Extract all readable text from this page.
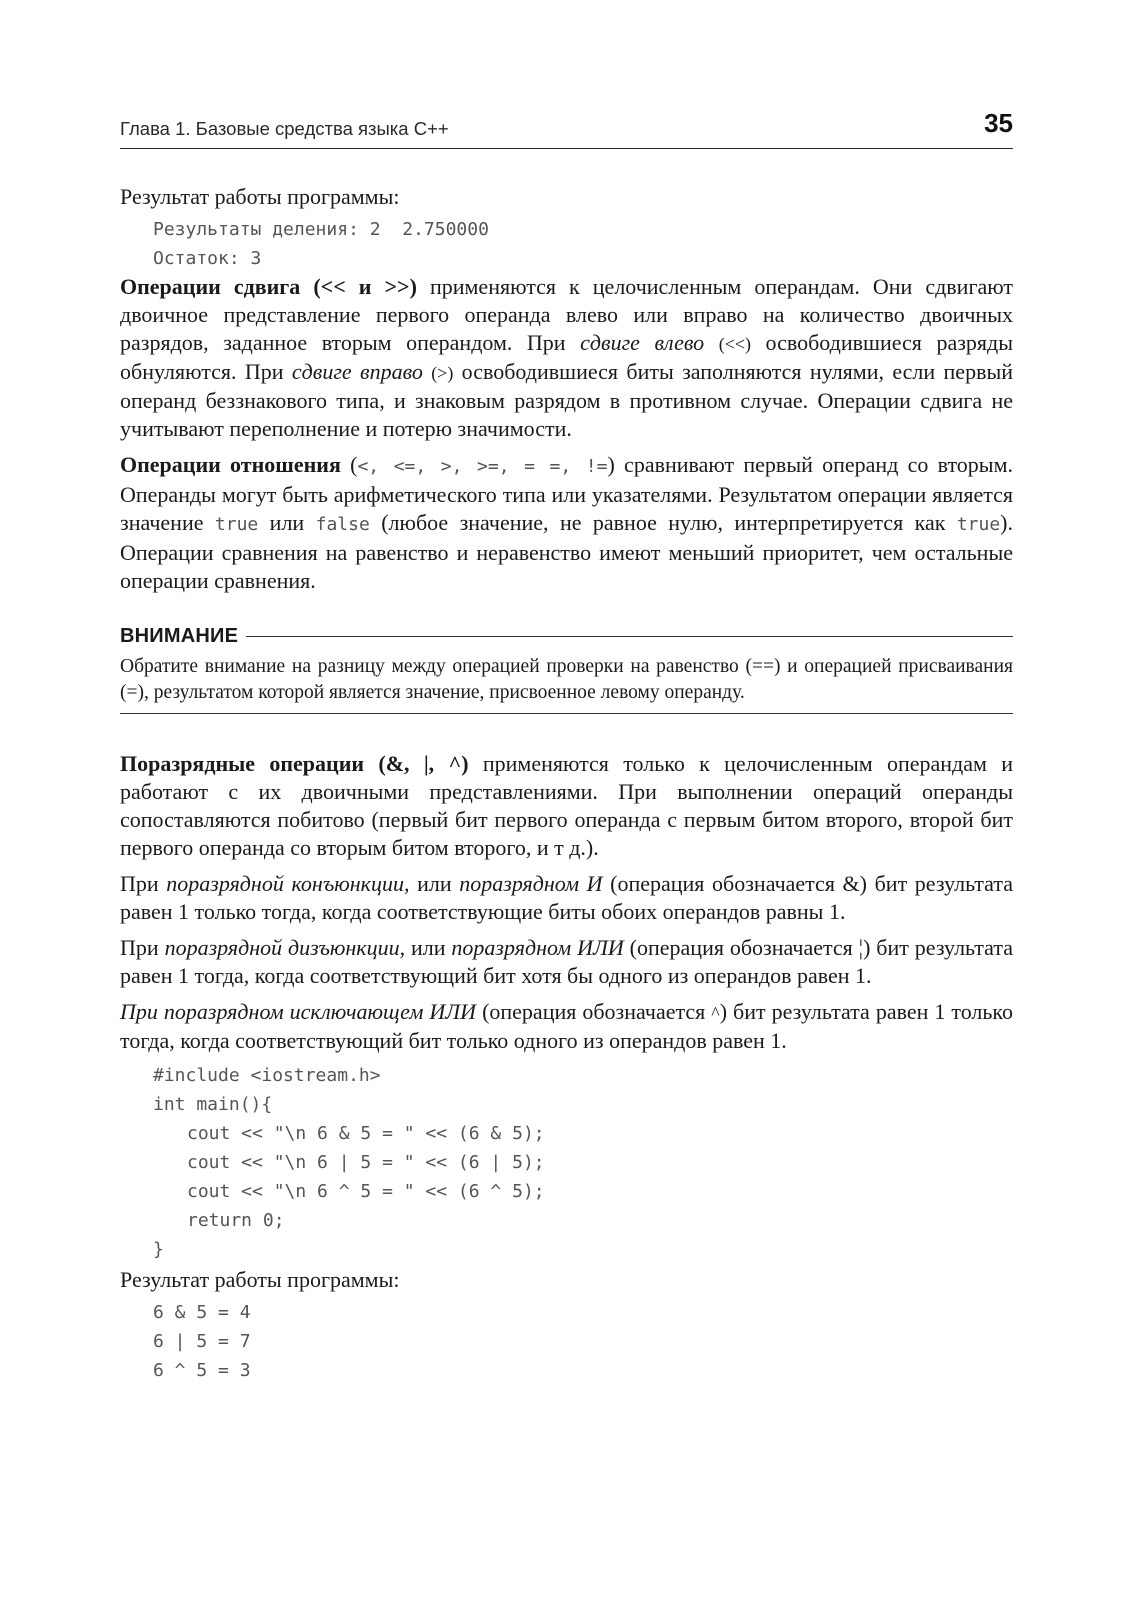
Глава 1. Базовые средства языка С++	35

Результат работы программы:

Результаты деления: 2  2.750000
Остаток: 3

Операции сдвига (<< и >>) применяются к целочисленным операндам. Они сдвигают двоичное представление первого операнда влево или вправо на количество двоичных разрядов, заданное вторым операндом. При сдвиге влево (<<) освободившиеся разряды обнуляются. При сдвиге вправо (>) освободившиеся биты заполняются нулями, если первый операнд беззнакового типа, и знаковым разрядом в противном случае. Операции сдвига не учитывают переполнение и потерю значимости.

Операции отношения (<, <=, >, >=, = =, !=) сравнивают первый операнд со вторым. Операнды могут быть арифметического типа или указателями. Результатом операции является значение true или false (любое значение, не равное нулю, интерпретируется как true). Операции сравнения на равенство и неравенство имеют меньший приоритет, чем остальные операции сравнения.

ВНИМАНИЕ

Обратите внимание на разницу между операцией проверки на равенство (==) и операцией присваивания (=), результатом которой является значение, присвоенное левому операнду.

Поразрядные операции (&, |, ^) применяются только к целочисленным операндам и работают с их двоичными представлениями. При выполнении операций операнды сопоставляются побитово (первый бит первого операнда с первым битом второго, второй бит первого операнда со вторым битом второго, и т д.).

При поразрядной конъюнкции, или поразрядном И (операция обозначается &) бит результата равен 1 только тогда, когда соответствующие биты обоих операндов равны 1.

При поразрядной дизъюнкции, или поразрядном ИЛИ (операция обозначается ¦) бит результата равен 1 тогда, когда соответствующий бит хотя бы одного из операндов равен 1.

При поразрядном исключающем ИЛИ (операция обозначается ^) бит результата равен 1 только тогда, когда соответствующий бит только одного из операндов равен 1.

#include <iostream.h>
int main(){
cout << "\n 6 & 5 = " << (6 & 5);
cout << "\n 6 | 5 = " << (6 | 5);
cout << "\n 6 ^ 5 = " << (6 ^ 5);
return 0;
}

Результат работы программы:

6 & 5 = 4
6 | 5 = 7
6 ^ 5 = 3
